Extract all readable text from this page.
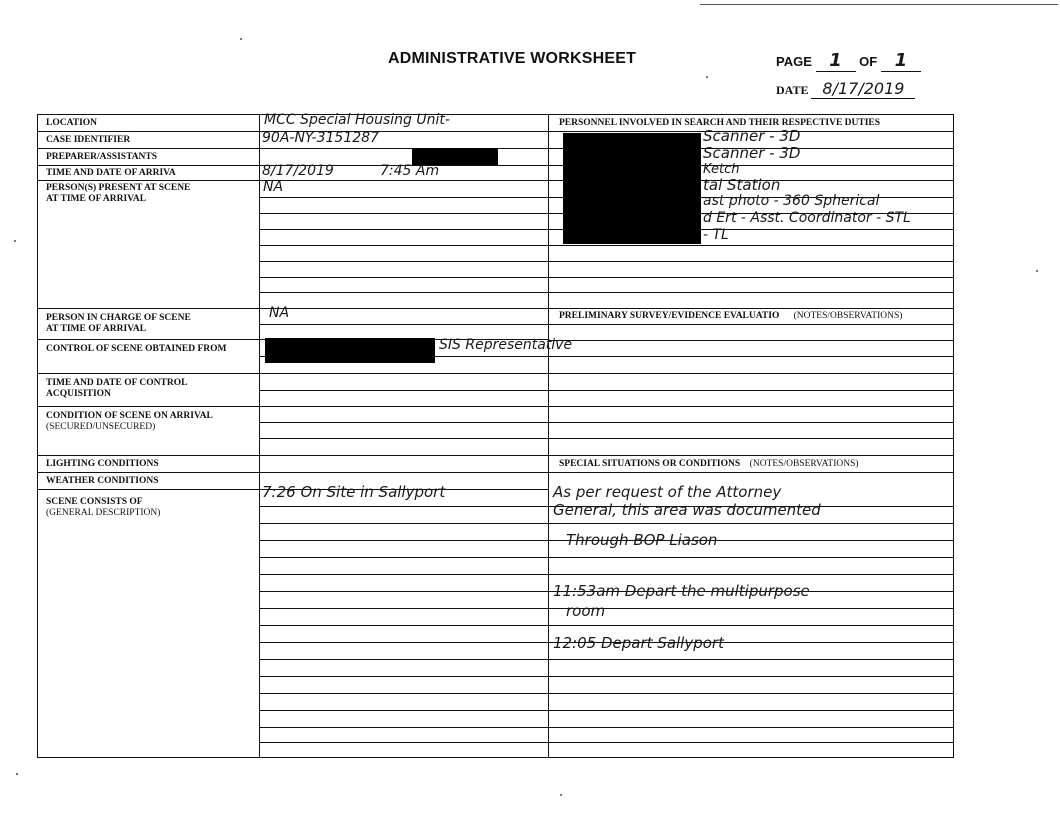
ADMINISTRATIVE WORKSHEET	PAGE 1 OF 1
DATE 8/17/2019
LOCATION
CASE IDENTIFIER
PREPARER/ASSISTANTS
TIME AND DATE OF ARRIVA
PERSON(S) PRESENT AT SCENE
AT TIME OF ARRIVAL
PERSON IN CHARGE OF SCENE
AT TIME OF ARRIVAL
CONTROL OF SCENE OBTAINED FROM
TIME AND DATE OF CONTROL
ACQUISITION
CONDITION OF SCENE ON ARRIVAL
(SECURED/UNSECURED)
LIGHTING CONDITIONS
WEATHER CONDITIONS
SCENE CONSISTS OF
(GENERAL DESCRIPTION)
PERSONNEL INVOLVED IN SEARCH AND THEIR RESPECTIVE DUTIES
PRELIMINARY SURVEY/EVIDENCE EVALUATIO (NOTES/OBSERVATIONS)
SPECIAL SITUATIONS OR CONDITIONS (NOTES/OBSERVATIONS)
MCC Special Housing Unit-
90A-NY-3151287
8/17/2019	7:45 Am
NA
NA
SIS Representative
7:26 On Site in Sallyport
Scanner - 3D
Scanner - 3D
Ketch
tal Station
ast photo - 360 Spherical
d Ert - Asst. Coordinator - STL
- TL
As per request of the Attorney
General, this area was documented
Through BOP Liason
11:53am Depart the multipurpose
room
12:05 Depart Sallyport
